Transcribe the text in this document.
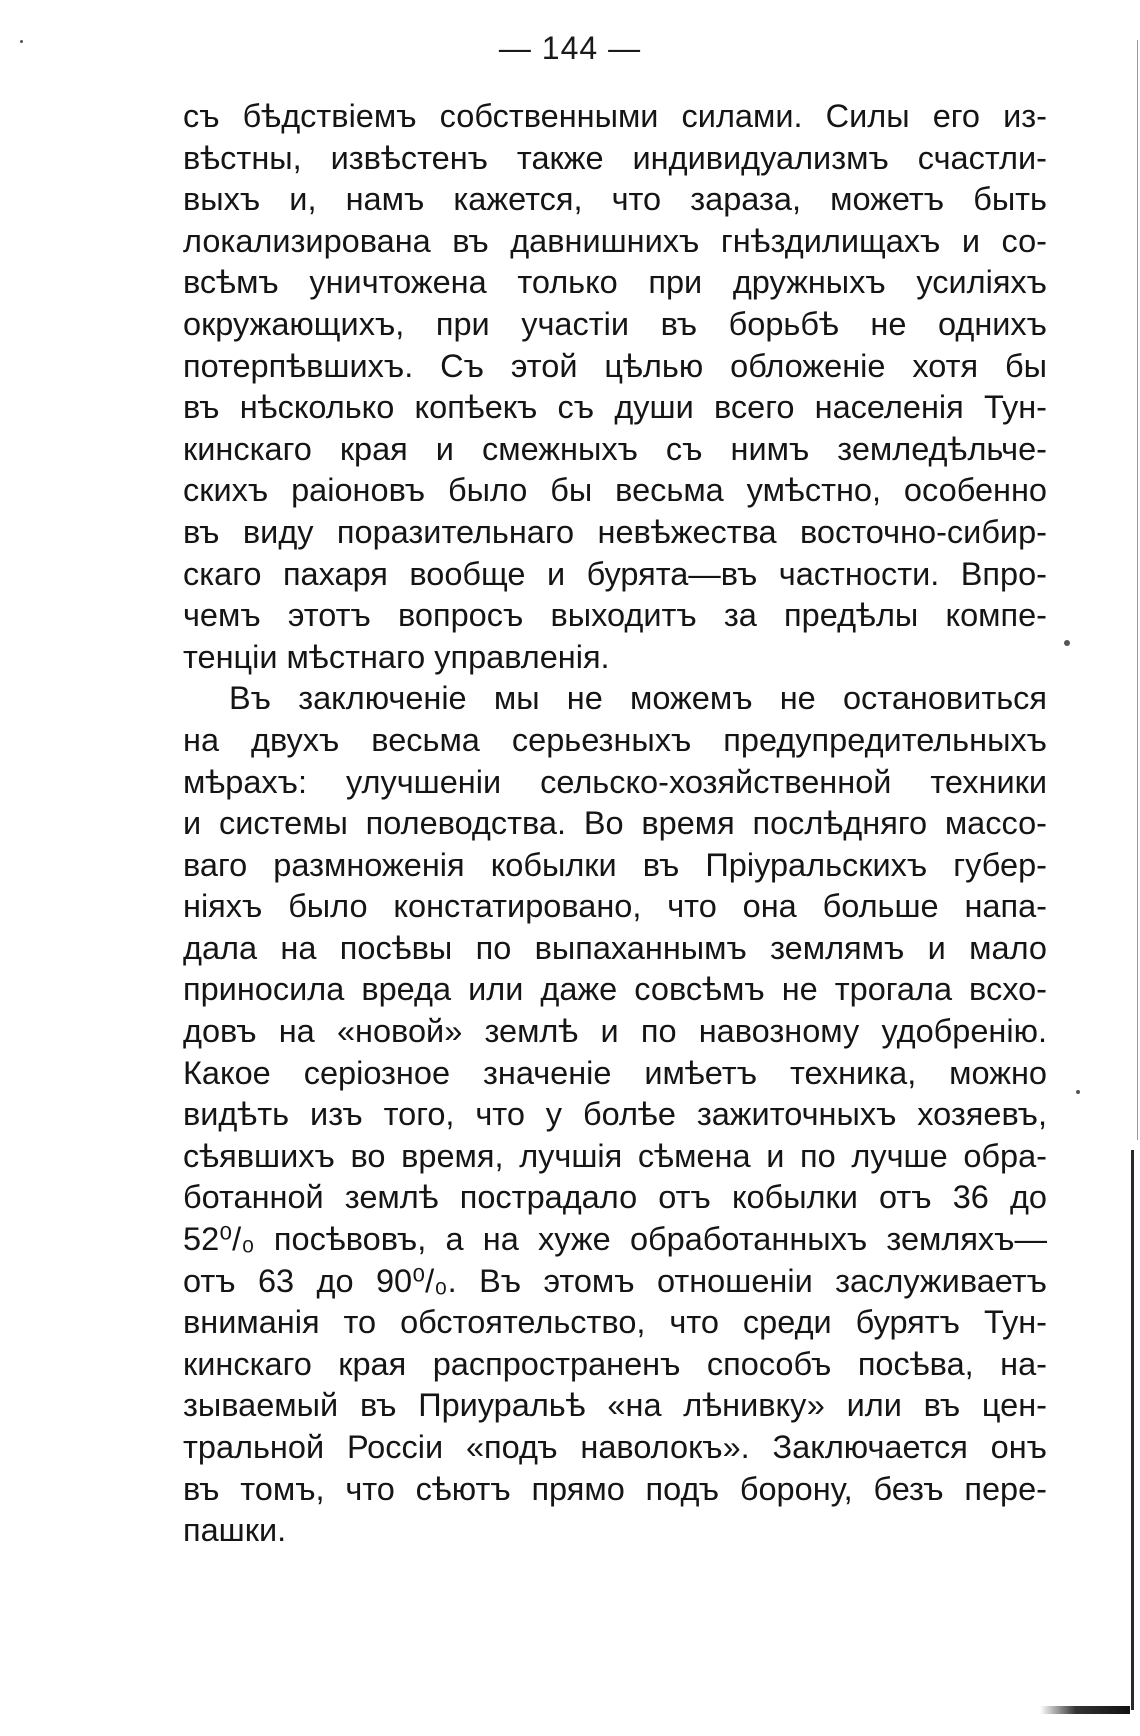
— 144 —
съ бѣдствіемъ собственными силами. Силы его из-
вѣстны, извѣстенъ также индивидуализмъ счастли-
выхъ и, намъ кажется, что зараза, можетъ быть
локализирована въ давнишнихъ гнѣздилищахъ и со-
всѣмъ уничтожена только при дружныхъ усиліяхъ
окружающихъ, при участіи въ борьбѣ не однихъ
потерпѣвшихъ. Съ этой цѣлью обложеніе хотя бы
въ нѣсколько копѣекъ съ души всего населенія Тун-
кинскаго края и смежныхъ съ нимъ земледѣльче-
скихъ раіоновъ было бы весьма умѣстно, особенно
въ виду поразительнаго невѣжества восточно-сибир-
скаго пахаря вообще и бурята—въ частности. Впро-
чемъ этотъ вопросъ выходитъ за предѣлы компе-
тенціи мѣстнаго управленія.
Въ заключеніе мы не можемъ не остановиться
на двухъ весьма серьезныхъ предупредительныхъ
мѣрахъ: улучшеніи сельско-хозяйственной техники
и системы полеводства. Во время послѣдняго массо-
ваго размноженія кобылки въ Пріуральскихъ губер-
ніяхъ было констатировано, что она больше напа-
дала на посѣвы по выпаханнымъ землямъ и мало
приносила вреда или даже совсѣмъ не трогала всхо-
довъ на «новой» землѣ и по навозному удобренію.
Какое серіозное значеніе имѣетъ техника, можно
видѣть изъ того, что у болѣе зажиточныхъ хозяевъ,
сѣявшихъ во время, лучшія сѣмена и по лучше обра-
ботанной землѣ пострадало отъ кобылки отъ 36 до
52⁰/₀ посѣвовъ, а на хуже обработанныхъ земляхъ—
отъ 63 до 90⁰/₀. Въ этомъ отношеніи заслуживаетъ
вниманія то обстоятельство, что среди бурятъ Тун-
кинскаго края распространенъ способъ посѣва, на-
зываемый въ Приуральѣ «на лѣнивку» или въ цен-
тральной Россіи «подъ наволокъ». Заключается онъ
въ томъ, что сѣютъ прямо подъ борону, безъ пере-
пашки.
